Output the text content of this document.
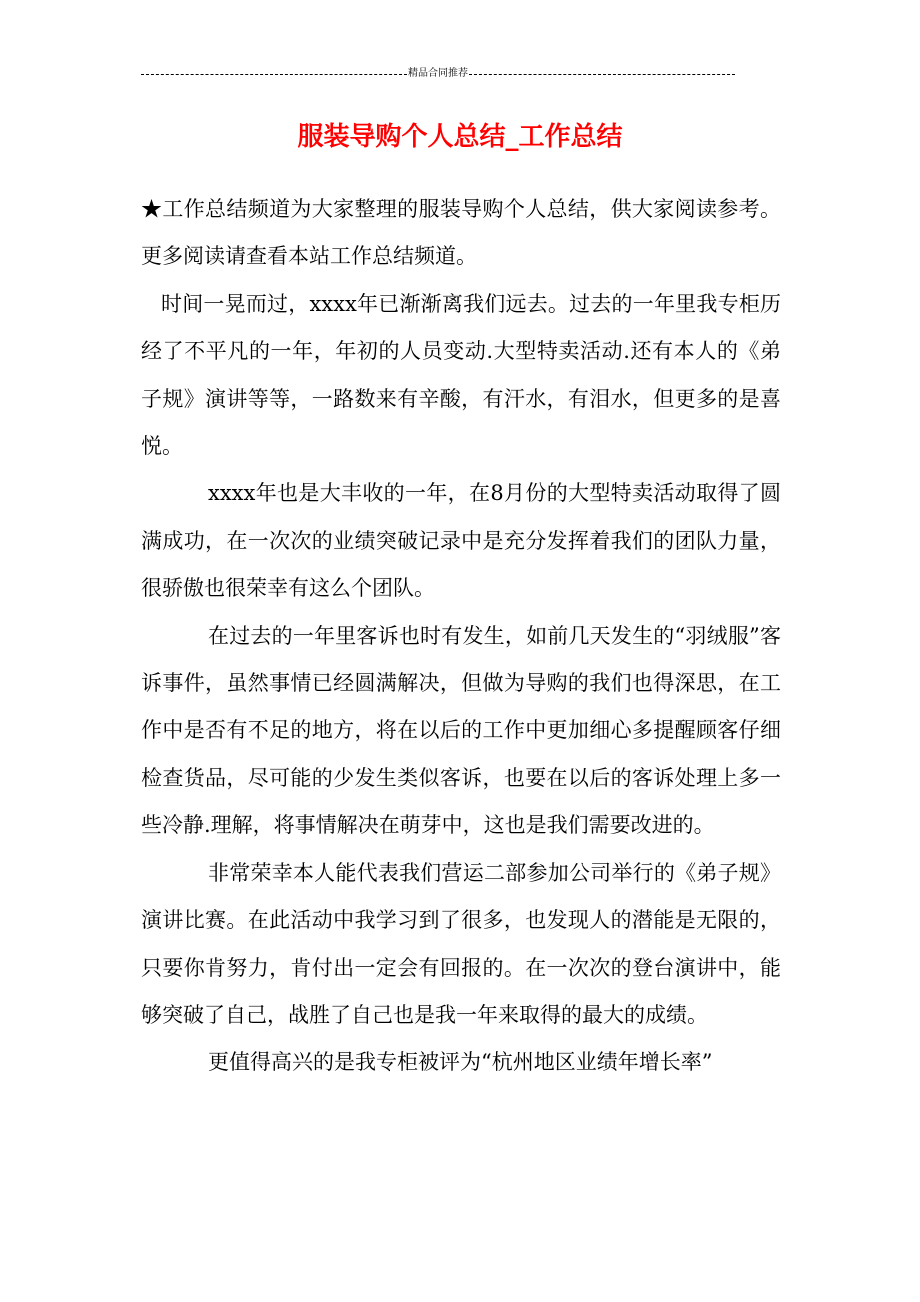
精品合同推荐
服装导购个人总结_工作总结

★工作总结频道为大家整理的服装导购个人总结，供大家阅读参考。更多阅读请查看本站工作总结频道。

时间一晃而过，xxxx年已渐渐离我们远去。过去的一年里我专柜历经了不平凡的一年，年初的人员变动.大型特卖活动.还有本人的《弟子规》演讲等等，一路数来有辛酸，有汗水，有泪水，但更多的是喜悦。

xxxx年也是大丰收的一年，在8月份的大型特卖活动取得了圆满成功，在一次次的业绩突破记录中是充分发挥着我们的团队力量，很骄傲也很荣幸有这么个团队。

在过去的一年里客诉也时有发生，如前几天发生的“羽绒服”客诉事件，虽然事情已经圆满解决，但做为导购的我们也得深思，在工作中是否有不足的地方，将在以后的工作中更加细心多提醒顾客仔细检查货品，尽可能的少发生类似客诉，也要在以后的客诉处理上多一些冷静.理解，将事情解决在萌芽中，这也是我们需要改进的。

非常荣幸本人能代表我们营运二部参加公司举行的《弟子规》演讲比赛。在此活动中我学习到了很多，也发现人的潜能是无限的，只要你肯努力，肯付出一定会有回报的。在一次次的登台演讲中，能够突破了自己，战胜了自己也是我一年来取得的最大的成绩。

更值得高兴的是我专柜被评为“杭州地区业绩年增长率”
